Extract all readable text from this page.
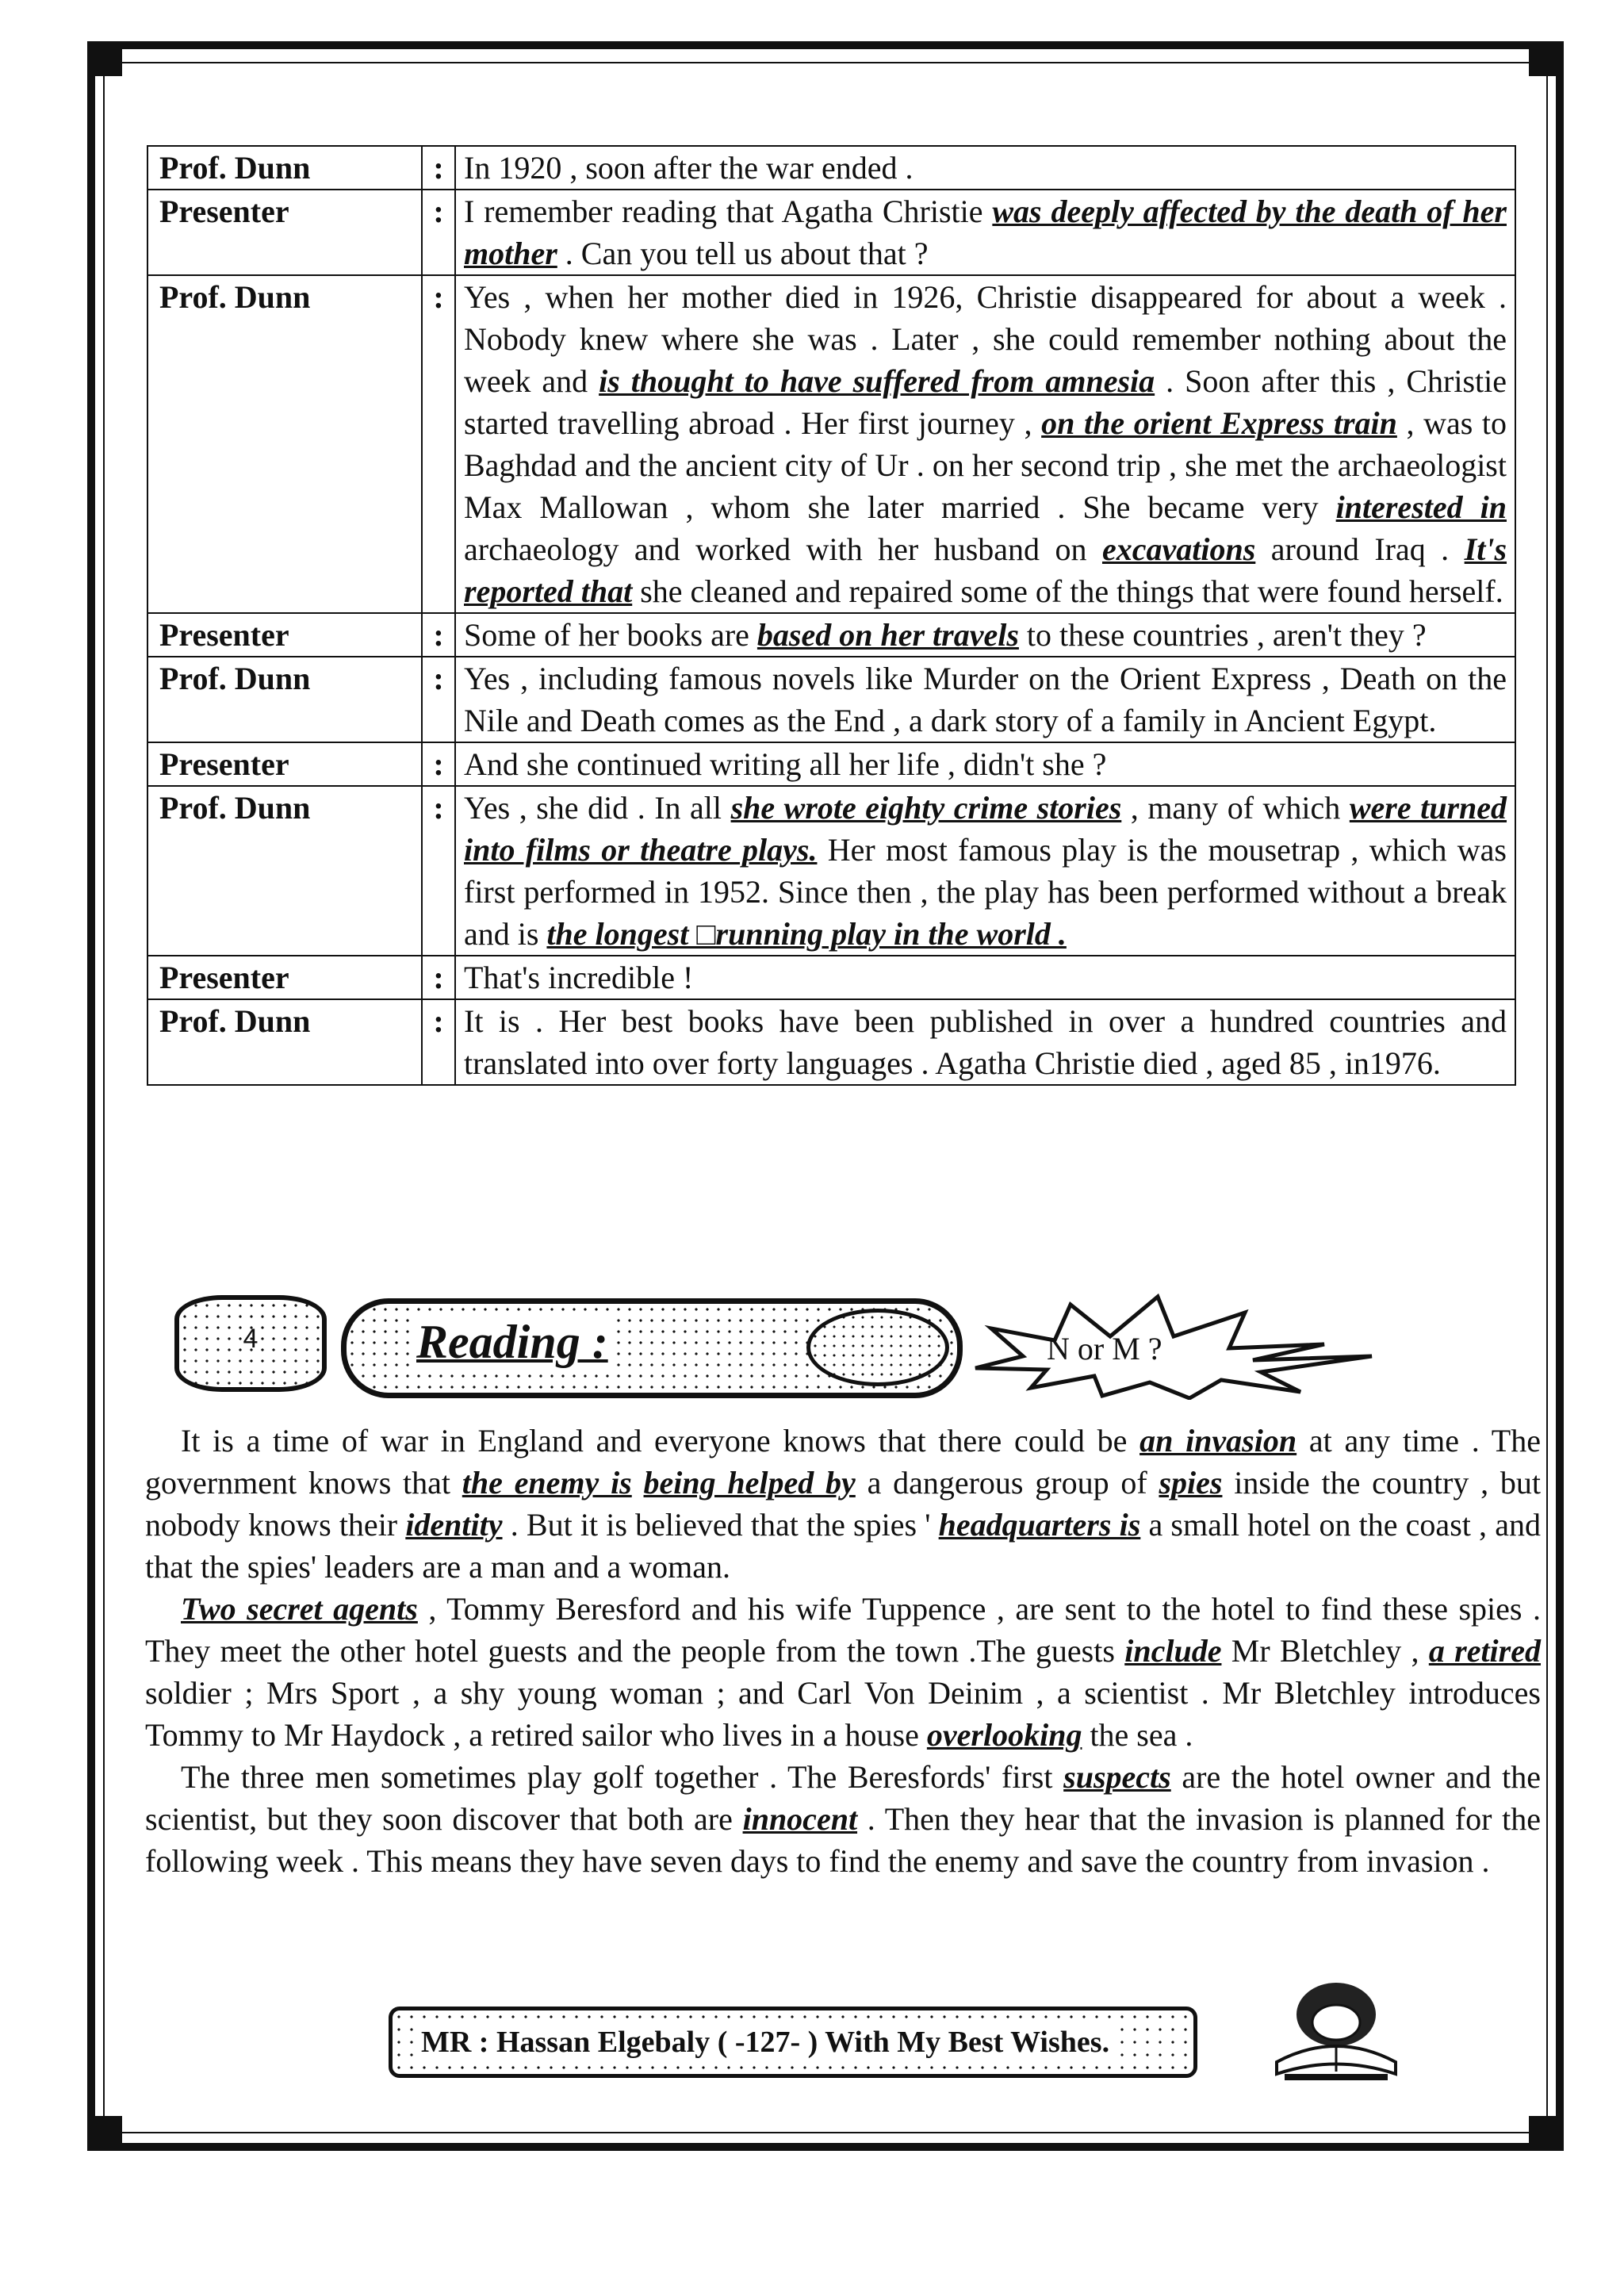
Prof. Dunn	:	In 1920 , soon after the war ended .
Presenter	:	I remember reading that Agatha Christie was deeply affected by the death of her mother . Can you tell us about that ?
Prof. Dunn	:	Yes , when her mother died in 1926, Christie disappeared for about a week . Nobody knew where she was . Later , she could remember nothing about the week and is thought to have suffered from amnesia . Soon after this , Christie started travelling abroad . Her first journey , on the orient Express train , was to Baghdad and the ancient city of Ur . on her second trip , she met the archaeologist Max Mallowan , whom she later married . She became very interested in archaeology and worked with her husband on excavations around Iraq . It's reported that she cleaned and repaired some of the things that were found herself.
Presenter	:	Some of her books are based on her travels to these countries , aren't they ?
Prof. Dunn	:	Yes , including famous novels like Murder on the Orient Express , Death on the Nile and Death comes as the End , a dark story of a family in Ancient Egypt.
Presenter	:	And she continued writing all her life , didn't she ?
Prof. Dunn	:	Yes , she did . In all she wrote eighty crime stories , many of which were turned into films or theatre plays. Her most famous play is the mousetrap , which was first performed in 1952. Since then , the play has been performed without a break and is the longest □running play in the world .
Presenter	:	That's incredible !
Prof. Dunn	:	It is . Her best books have been published in over a hundred countries and translated into over forty languages . Agatha Christie died , aged 85 , in1976.
4	Reading :	N or M ?

It is a time of war in England and everyone knows that there could be an invasion at any time . The government knows that the enemy is being helped by a dangerous group of spies inside the country , but nobody knows their identity . But it is believed that the spies ' headquarters is a small hotel on the coast , and that the spies' leaders are a man and a woman.

Two secret agents , Tommy Beresford and his wife Tuppence , are sent to the hotel to find these spies . They meet the other hotel guests and the people from the town .The guests include Mr Bletchley , a retired soldier ; Mrs Sport , a shy young woman ; and Carl Von Deinim , a scientist . Mr Bletchley introduces Tommy to Mr Haydock , a retired sailor who lives in a house overlooking the sea .

The three men sometimes play golf together . The Beresfords' first suspects are the hotel owner and the scientist, but they soon discover that both are innocent . Then they hear that the invasion is planned for the following week . This means they have seven days to find the enemy and save the country from invasion .

MR : Hassan Elgebaly ( -127- ) With My Best Wishes.
